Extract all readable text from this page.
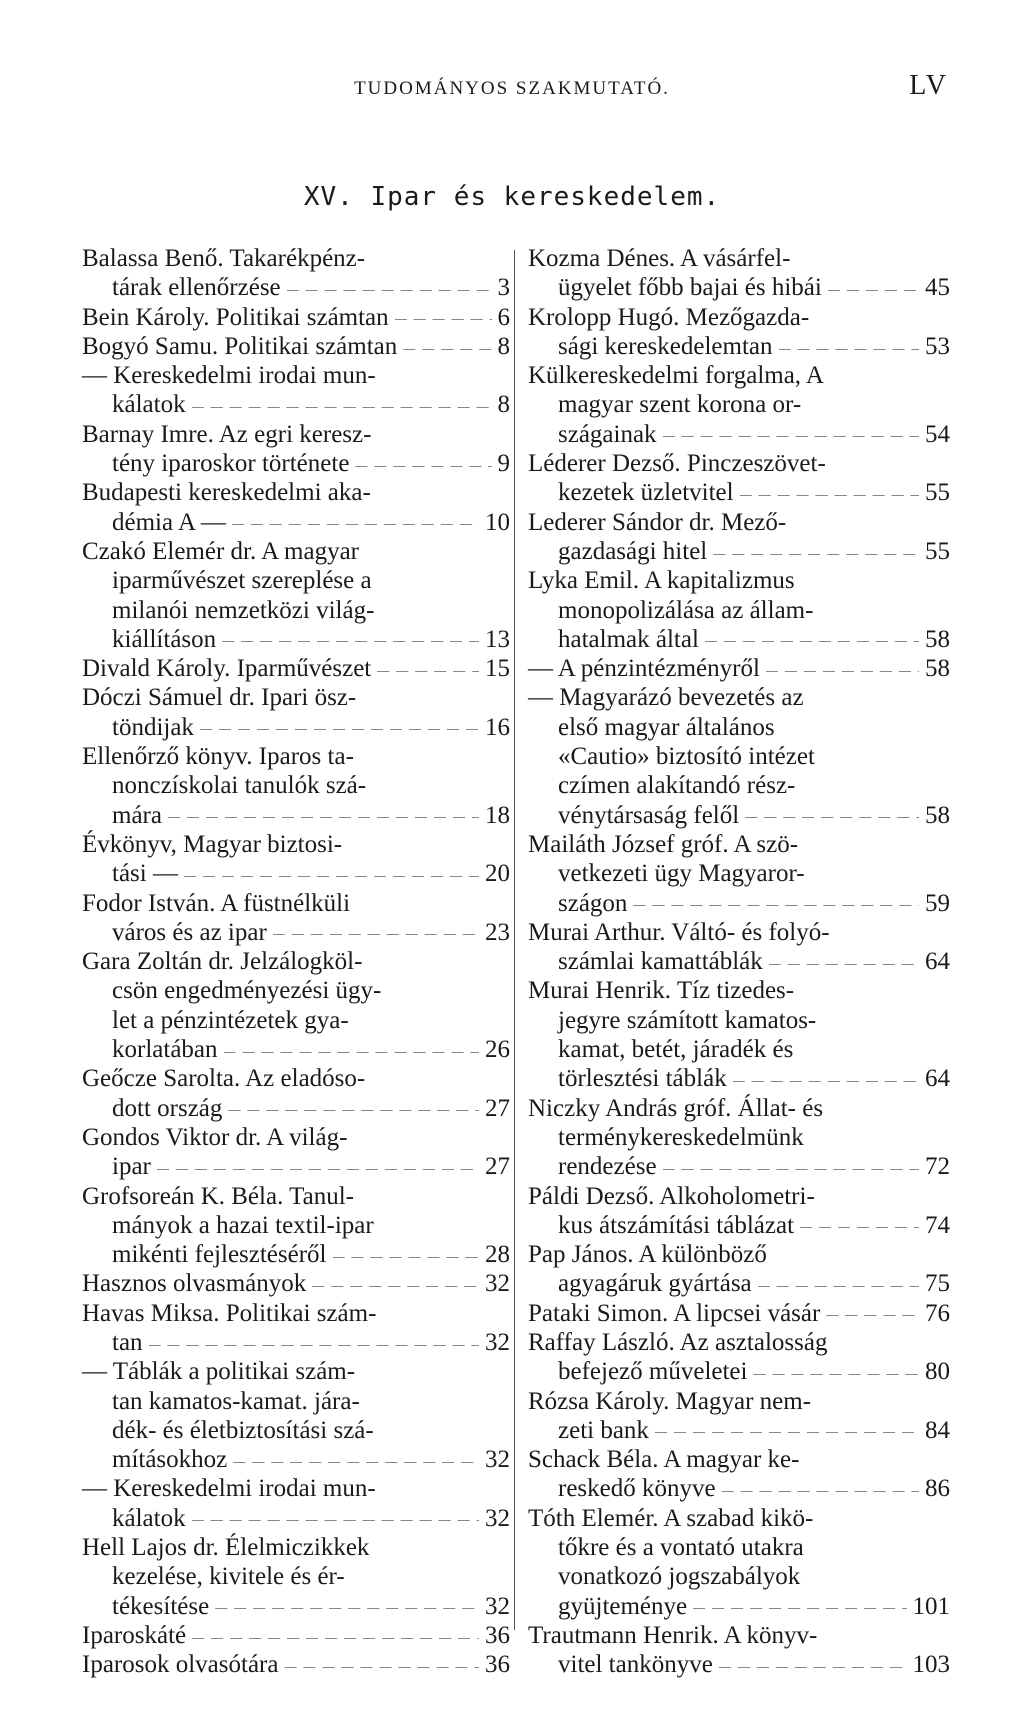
TUDOMÁNYOS SZAKMUTATÓ.	LV
XV. Ipar és kereskedelem.
Balassa Benő. Takarékpénz-
tárak ellenőrzése — — —	3
Bein Károly. Politikai számtan — — —	6
Bogyó Samu. Politikai számtan — — —	8
— Kereskedelmi irodai mun-
kálatok — — —	8
Barnay Imre. Az egri keresz-
tény iparoskor története — — —	9
Budapesti kereskedelmi aka-
démia A — — — —	10
Czakó Elemér dr. A magyar
iparművészet szereplése a
milanói nemzetközi világ-
kiállításon — — —	13
Divald Károly. Iparművészet — — —	15
Dóczi Sámuel dr. Ipari ösz-
töndijak — — —	16
Ellenőrző könyv. Iparos ta-
nonczískolai tanulók szá-
mára — — —	18
Évkönyv, Magyar biztosi-
tási — — — —	20
Fodor István. A füstnélküli
város és az ipar — — —	23
Gara Zoltán dr. Jelzálogköl-
csön engedményezési ügy-
let a pénzintézetek gya-
korlatában — — —	26
Geőcze Sarolta. Az eladóso-
dott ország — — —	27
Gondos Viktor dr. A világ-
ipar — — —	27
Grofsoreán K. Béla. Tanul-
mányok a hazai textil-ipar
mikénti fejlesztéséről — — —	28
Hasznos olvasmányok — — —	32
Havas Miksa. Politikai szám-
tan — — —	32
— Táblák a politikai szám-
tan kamatos-kamat. jára-
dék- és életbiztosítási szá-
mításokhoz — — —	32
— Kereskedelmi irodai mun-
kálatok — — —	32
Hell Lajos dr. Élelmiczikkek
kezelése, kivitele és ér-
tékesítése — — —	32
Iparoskáté — — —	36
Iparosok olvasótára — — —	36
Kozma Dénes. A vásárfel-
ügyelet főbb bajai és hibái — — —	45
Krolopp Hugó. Mezőgazda-
sági kereskedelemtan — — —	53
Külkereskedelmi forgalma, A
magyar szent korona or-
szágainak — — —	54
Léderer Dezső. Pinczeszövet-
kezetek üzletvitel — — —	55
Lederer Sándor dr. Mező-
gazdasági hitel — — —	55
Lyka Emil. A kapitalizmus
monopolizálása az állam-
hatalmak által — — —	58
— A pénzintézményről — — —	58
— Magyarázó bevezetés az
első magyar általános
«Cautio» biztosító intézet
czímen alakítandó rész-
vénytársaság felől — — —	58
Mailáth József gróf. A szö-
vetkezeti ügy Magyaror-
szágon — — —	59
Murai Arthur. Váltó- és folyó-
számlai kamattáblák — — —	64
Murai Henrik. Tíz tizedes-
jegyre számított kamatos-
kamat, betét, járadék és
törlesztési táblák — — —	64
Niczky András gróf. Állat- és
terménykereskedelmünk
rendezése — — —	72
Páldi Dezső. Alkoholometri-
kus átszámítási táblázat — — —	74
Pap János. A különböző
agyagáruk gyártása — — —	75
Pataki Simon. A lipcsei vásár — — —	76
Raffay László. Az asztalosság
befejező műveletei — — —	80
Rózsa Károly. Magyar nem-
zeti bank — — —	84
Schack Béla. A magyar ke-
reskedő könyve — — —	86
Tóth Elemér. A szabad kikö-
tőkre és a vontató utakra
vonatkozó jogszabályok
gyüjteménye — — —	101
Trautmann Henrik. A könyv-
vitel tankönyve — — —	103
